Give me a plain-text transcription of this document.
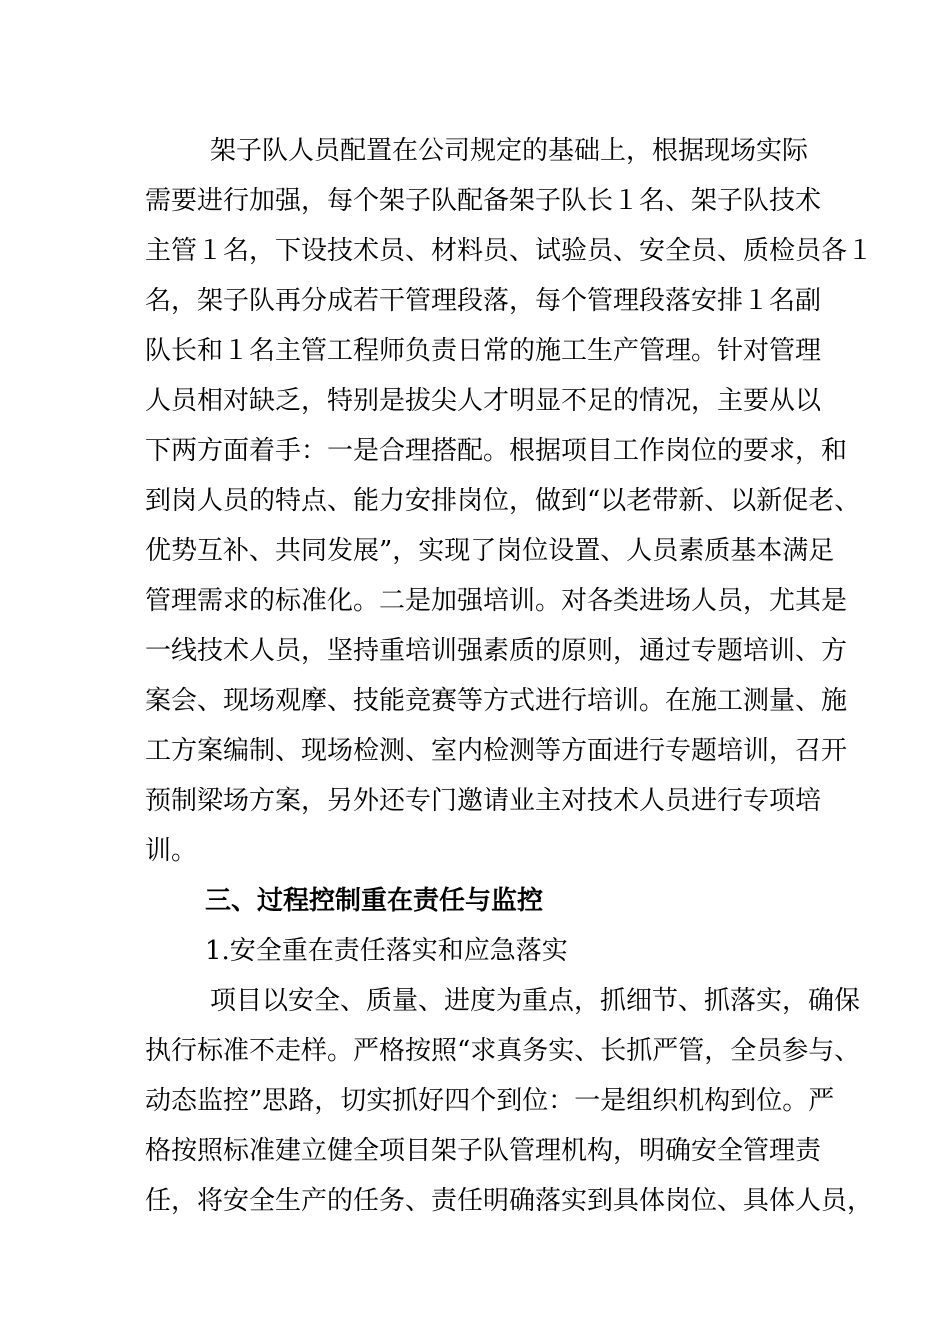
架子队人员配置在公司规定的基础上，根据现场实际
需要进行加强，每个架子队配备架子队长１名、架子队技术
主管１名，下设技术员、材料员、试验员、安全员、质检员各１
名，架子队再分成若干管理段落，每个管理段落安排１名副
队长和１名主管工程师负责日常的施工生产管理。针对管理
人员相对缺乏，特别是拔尖人才明显不足的情况，主要从以
下两方面着手：一是合理搭配。根据项目工作岗位的要求，和
到岗人员的特点、能力安排岗位，做到“以老带新、以新促老、
优势互补、共同发展”，实现了岗位设置、人员素质基本满足
管理需求的标准化。二是加强培训。对各类进场人员，尤其是
一线技术人员，坚持重培训强素质的原则，通过专题培训、方
案会、现场观摩、技能竞赛等方式进行培训。在施工测量、施
工方案编制、现场检测、室内检测等方面进行专题培训，召开
预制梁场方案，另外还专门邀请业主对技术人员进行专项培
训。
三、过程控制重在责任与监控
1.安全重在责任落实和应急落实
项目以安全、质量、进度为重点，抓细节、抓落实，确保
执行标准不走样。严格按照“求真务实、长抓严管，全员参与、
动态监控”思路，切实抓好四个到位：一是组织机构到位。严
格按照标准建立健全项目架子队管理机构，明确安全管理责
任，将安全生产的任务、责任明确落实到具体岗位、具体人员，
